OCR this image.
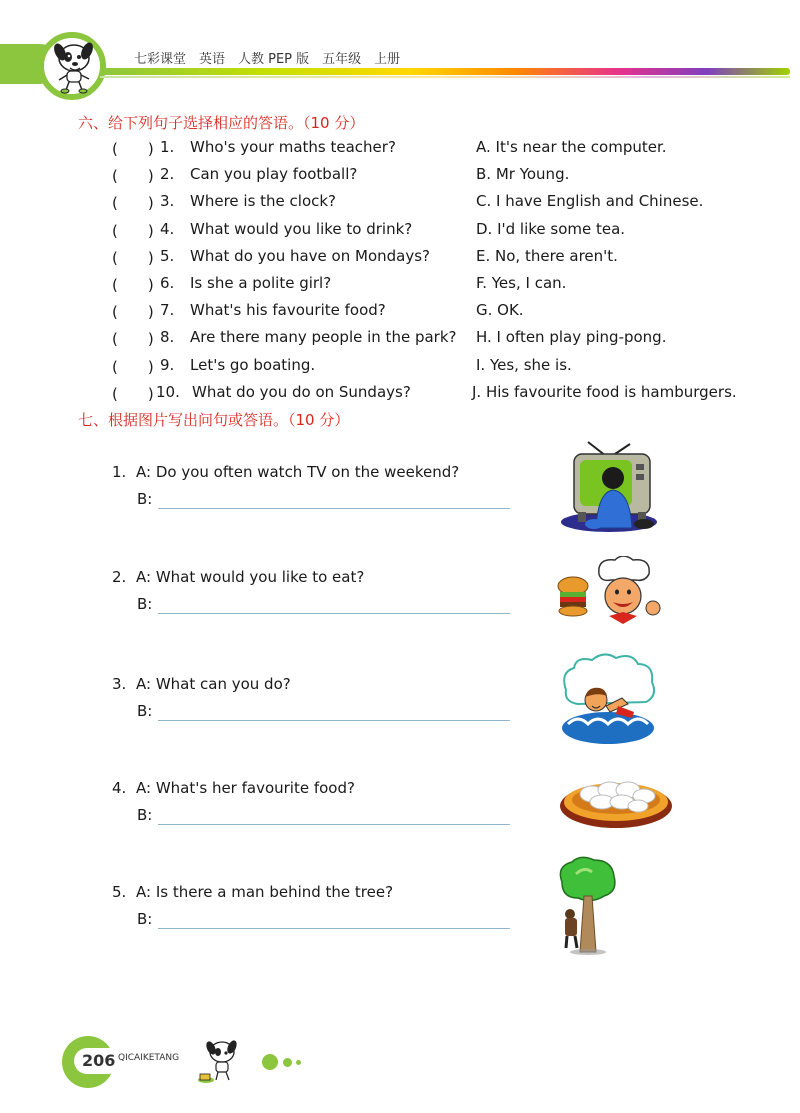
七彩课堂　英语　人教 PEP 版　五年级　上册
六、给下列句子选择相应的答语。（10 分）
(　　) 1. Who's your maths teacher?	A. It's near the computer.
(　　) 2. Can you play football?	B. Mr Young.
(　　) 3. Where is the clock?	C. I have English and Chinese.
(　　) 4. What would you like to drink?	D. I'd like some tea.
(　　) 5. What do you have on Mondays?	E. No, there aren't.
(　　) 6. Is she a polite girl?	F. Yes, I can.
(　　) 7. What's his favourite food?	G. OK.
(　　) 8. Are there many people in the park? H. I often play ping-pong.
(　　) 9. Let's go boating.	I. Yes, she is.
(　　) 10. What do you do on Sundays?	J. His favourite food is hamburgers.
七、根据图片写出问句或答语。（10 分）
1. A: Do you often watch TV on the weekend?
B:
2. A: What would you like to eat?
B:
3. A: What can you do?
B:
4. A: What's her favourite food?
B:
5. A: Is there a man behind the tree?
B:
206 QICAIKETANG
